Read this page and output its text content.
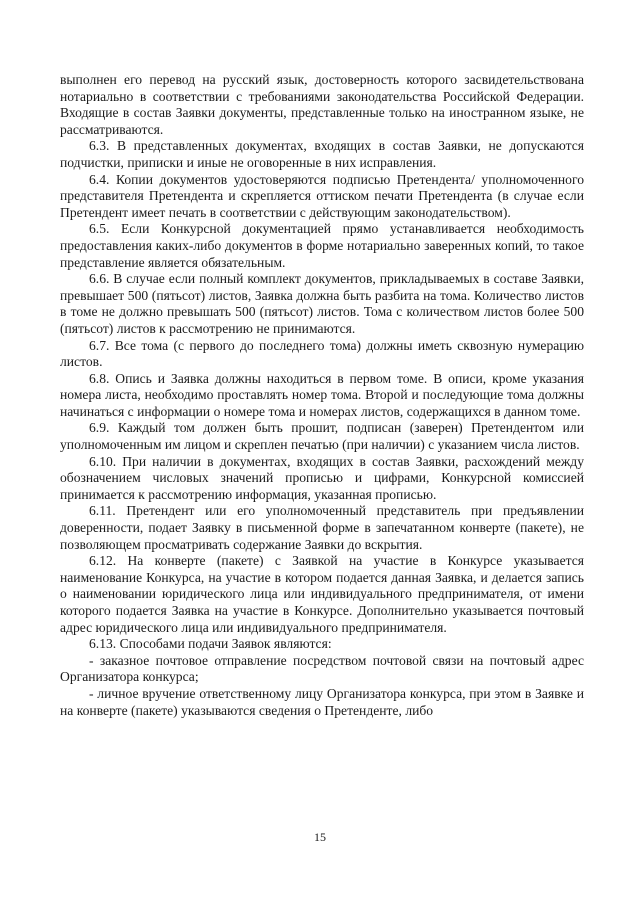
выполнен его перевод на русский язык, достоверность которого засвидетельствована нотариально в соответствии с требованиями законодательства Российской Федерации. Входящие в состав Заявки документы, представленные только на иностранном языке, не рассматриваются.

6.3. В представленных документах, входящих в состав Заявки, не допускаются подчистки, приписки и иные не оговоренные в них исправления.

6.4. Копии документов удостоверяются подписью Претендента/ уполномоченного представителя Претендента и скрепляется оттиском печати Претендента (в случае если Претендент имеет печать в соответствии с действующим законодательством).

6.5. Если Конкурсной документацией прямо устанавливается необходимость предоставления каких-либо документов в форме нотариально заверенных копий, то такое представление является обязательным.

6.6. В случае если полный комплект документов, прикладываемых в составе Заявки, превышает 500 (пятьсот) листов, Заявка должна быть разбита на тома. Количество листов в томе не должно превышать 500 (пятьсот) листов. Тома с количеством листов более 500 (пятьсот) листов к рассмотрению не принимаются.

6.7. Все тома (с первого до последнего тома) должны иметь сквозную нумерацию листов.

6.8. Опись и Заявка должны находиться в первом томе. В описи, кроме указания номера листа, необходимо проставлять номер тома. Второй и последующие тома должны начинаться с информации о номере тома и номерах листов, содержащихся в данном томе.

6.9. Каждый том должен быть прошит, подписан (заверен) Претендентом или уполномоченным им лицом и скреплен печатью (при наличии) с указанием числа листов.

6.10. При наличии в документах, входящих в состав Заявки, расхождений между обозначением числовых значений прописью и цифрами, Конкурсной комиссией принимается к рассмотрению информация, указанная прописью.

6.11. Претендент или его уполномоченный представитель при предъявлении доверенности, подает Заявку в письменной форме в запечатанном конверте (пакете), не позволяющем просматривать содержание Заявки до вскрытия.

6.12. На конверте (пакете) с Заявкой на участие в Конкурсе указывается наименование Конкурса, на участие в котором подается данная Заявка, и делается запись о наименовании юридического лица или индивидуального предпринимателя, от имени которого подается Заявка на участие в Конкурсе. Дополнительно указывается почтовый адрес юридического лица или индивидуального предпринимателя.

6.13. Способами подачи Заявок являются:

- заказное почтовое отправление посредством почтовой связи на почтовый адрес Организатора конкурса;

- личное вручение ответственному лицу Организатора конкурса, при этом в Заявке и на конверте (пакете) указываются сведения о Претенденте, либо

15
